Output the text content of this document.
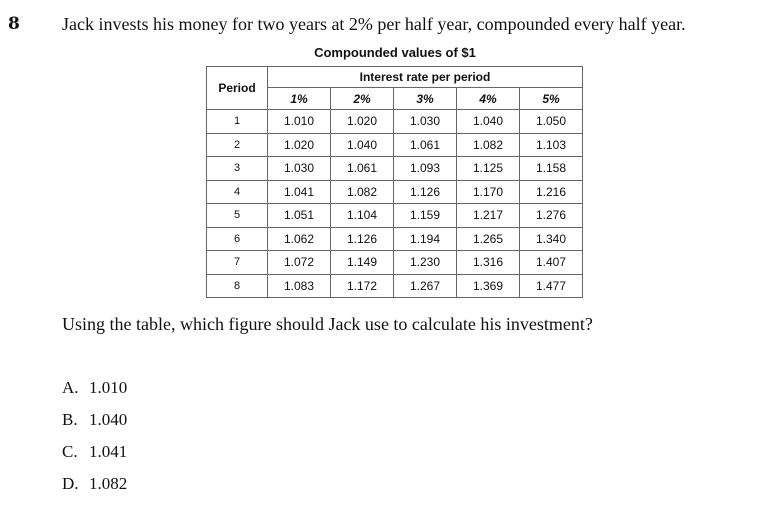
8 Jack invests his money for two years at 2% per half year, compounded every half year.
Compounded values of $1
Period	Interest rate per period				
	1%	2%	3%	4%	5%
1	1.010	1.020	1.030	1.040	1.050
2	1.020	1.040	1.061	1.082	1.103
3	1.030	1.061	1.093	1.125	1.158
4	1.041	1.082	1.126	1.170	1.216
5	1.051	1.104	1.159	1.217	1.276
6	1.062	1.126	1.194	1.265	1.340
7	1.072	1.149	1.230	1.316	1.407
8	1.083	1.172	1.267	1.369	1.477
Using the table, which figure should Jack use to calculate his investment?
A. 1.010
B. 1.040
C. 1.041
D. 1.082
